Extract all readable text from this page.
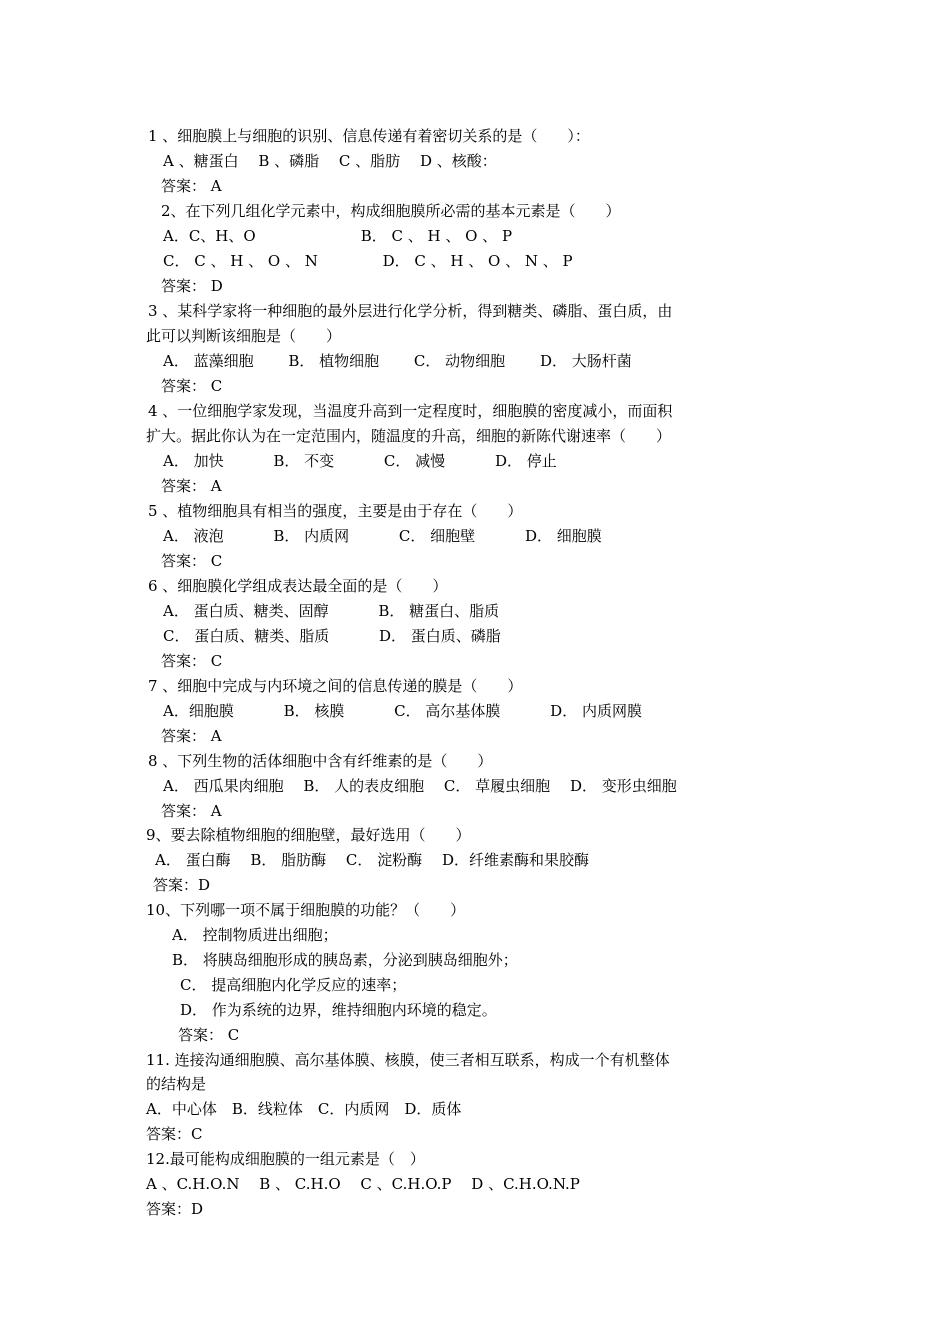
1 、细胞膜上与细胞的识别、信息传递有着密切关系的是（　　）：
A 、糖蛋白　 B 、磷脂　 C 、脂肪　 D 、核酸：
答案： A
2、在下列几组化学元素中，构成细胞膜所必需的基本元素是（　　）
A．C、H、O　　　　　　　B． C 、 H 、 O 、 P
C． C 、 H 、 O 、 N　　　　 D． C 、 H 、 O 、 N 、 P
答案： D
3 、某科学家将一种细胞的最外层进行化学分析，得到糖类、磷脂、蛋白质，由
此可以判断该细胞是（　　）
A． 蓝藻细胞　　 B． 植物细胞　　 C． 动物细胞　　 D． 大肠杆菌
答案： C
4 、一位细胞学家发现，当温度升高到一定程度时，细胞膜的密度减小，而面积
扩大。据此你认为在一定范围内，随温度的升高，细胞的新陈代谢速率（　　）
A． 加快　　　 B． 不变　　　 C． 减慢　　　 D． 停止
答案： A
5 、植物细胞具有相当的强度，主要是由于存在（　　）
A． 液泡　　　 B． 内质网　　　 C． 细胞壁　　　 D． 细胞膜
答案： C
6 、细胞膜化学组成表达最全面的是（　　）
A． 蛋白质、糖类、固醇　　　 B． 糖蛋白、脂质
C． 蛋白质、糖类、脂质　　　 D． 蛋白质、磷脂
答案： C
7 、细胞中完成与内环境之间的信息传递的膜是（　　）
A．细胞膜　　　 B． 核膜　　　 C． 高尔基体膜　　　 D． 内质网膜
答案： A
8 、下列生物的活体细胞中含有纤维素的是（　　）
A． 西瓜果肉细胞　 B． 人的表皮细胞　 C． 草履虫细胞　 D． 变形虫细胞
答案： A
9、要去除植物细胞的细胞壁，最好选用（　　）
A． 蛋白酶　 B． 脂肪酶　 C． 淀粉酶　 D．纤维素酶和果胶酶
答案：D
10、下列哪一项不属于细胞膜的功能？（　　）
A． 控制物质进出细胞；
B． 将胰岛细胞形成的胰岛素，分泌到胰岛细胞外；
C． 提高细胞内化学反应的速率；
D． 作为系统的边界，维持细胞内环境的稳定。
答案： C
11. 连接沟通细胞膜、高尔基体膜、核膜，使三者相互联系，构成一个有机整体
的结构是
A．中心体　B．线粒体　C．内质网　D．质体
答案：C
12.最可能构成细胞膜的一组元素是（　）
A 、C.H.O.N　 B 、 C.H.O　 C 、C.H.O.P　 D 、C.H.O.N.P
答案：D
